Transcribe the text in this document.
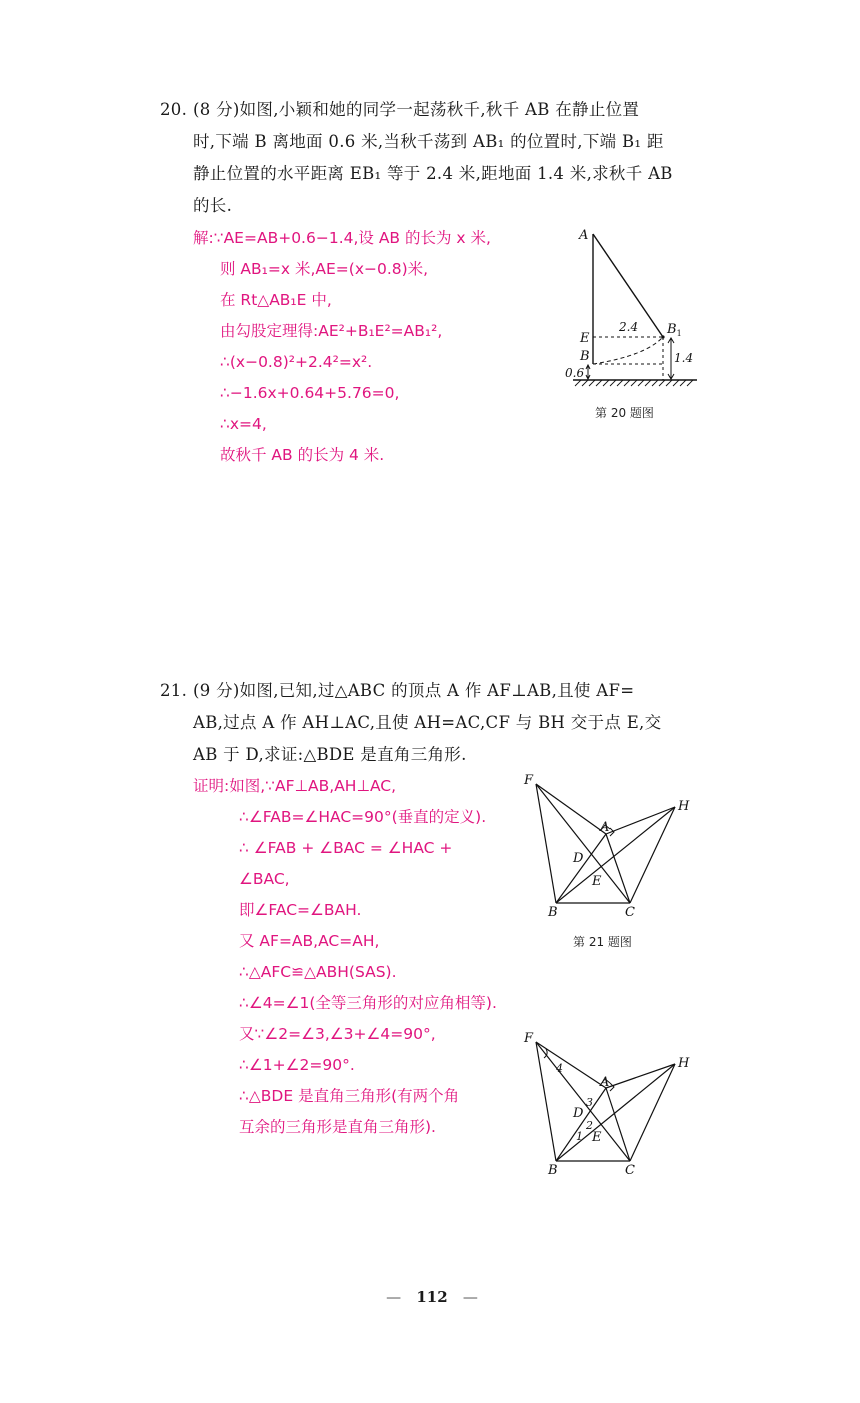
20. (8 分)如图,小颖和她的同学一起荡秋千,秋千 AB 在静止位置
时,下端 B 离地面 0.6 米,当秋千荡到 AB₁ 的位置时,下端 B₁ 距
静止位置的水平距离 EB₁ 等于 2.4 米,距地面 1.4 米,求秋千 AB
的长.
解:∵AE=AB+0.6−1.4,设 AB 的长为 x 米,
则 AB₁=x 米,AE=(x−0.8)米,
在 Rt△AB₁E 中,
由勾股定理得:AE²+B₁E²=AB₁²,
∴(x−0.8)²+2.4²=x².
∴−1.6x+0.64+5.76=0,
∴x=4,
故秋千 AB 的长为 4 米.
A
E
B
$B_1$
2.4
1.4
0.6
第 20 题图
21. (9 分)如图,已知,过△ABC 的顶点 A 作 AF⊥AB,且使 AF=
AB,过点 A 作 AH⊥AC,且使 AH=AC,CF 与 BH 交于点 E,交
AB 于 D,求证:△BDE 是直角三角形.
证明:如图,∵AF⊥AB,AH⊥AC,
∴∠FAB=∠HAC=90°(垂直的定义).
∴ ∠FAB + ∠BAC = ∠HAC +
∠BAC,
即∠FAC=∠BAH.
又 AF=AB,AC=AH,
∴△AFC≌△ABH(SAS).
∴∠4=∠1(全等三角形的对应角相等).
又∵∠2=∠3,∠3+∠4=90°,
∴∠1+∠2=90°.
∴△BDE 是直角三角形(有两个角
互余的三角形是直角三角形).
F
H
A
D
E
B	C
第 21 题图
F
H
A
D
E
B	C
4
3
2
1
— 112 —
